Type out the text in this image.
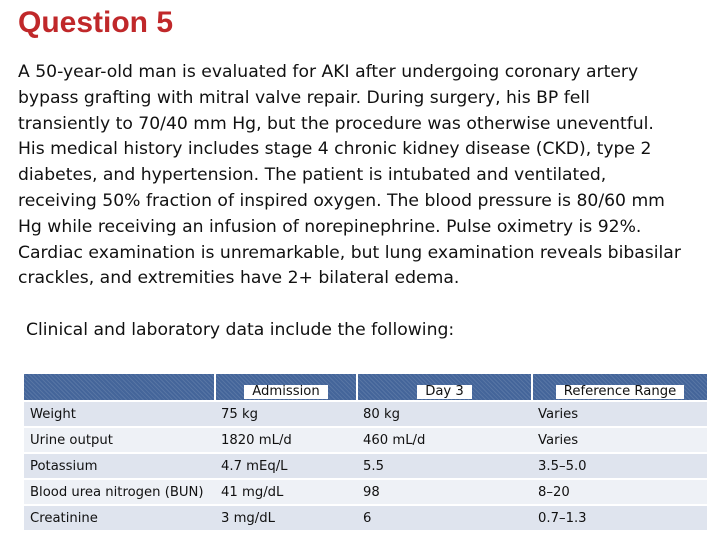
Question 5
A 50-year-old man is evaluated for AKI after undergoing coronary artery
bypass grafting with mitral valve repair. During surgery, his BP fell
transiently to 70/40 mm Hg, but the procedure was otherwise uneventful.
His medical history includes stage 4 chronic kidney disease (CKD), type 2
diabetes, and hypertension. The patient is intubated and ventilated,
receiving 50% fraction of inspired oxygen. The blood pressure is 80/60 mm
Hg while receiving an infusion of norepinephrine. Pulse oximetry is 92%.
Cardiac examination is unremarkable, but lung examination reveals bibasilar
crackles, and extremities have 2+ bilateral edema.

Clinical and laboratory data include the following:

	Admission	Day 3	Reference Range
Weight	75 kg	80 kg	Varies
Urine output	1820 mL/d	460 mL/d	Varies
Potassium	4.7 mEq/L	5.5	3.5–5.0
Blood urea nitrogen (BUN)	41 mg/dL	98	8–20
Creatinine	3 mg/dL	6	0.7–1.3
